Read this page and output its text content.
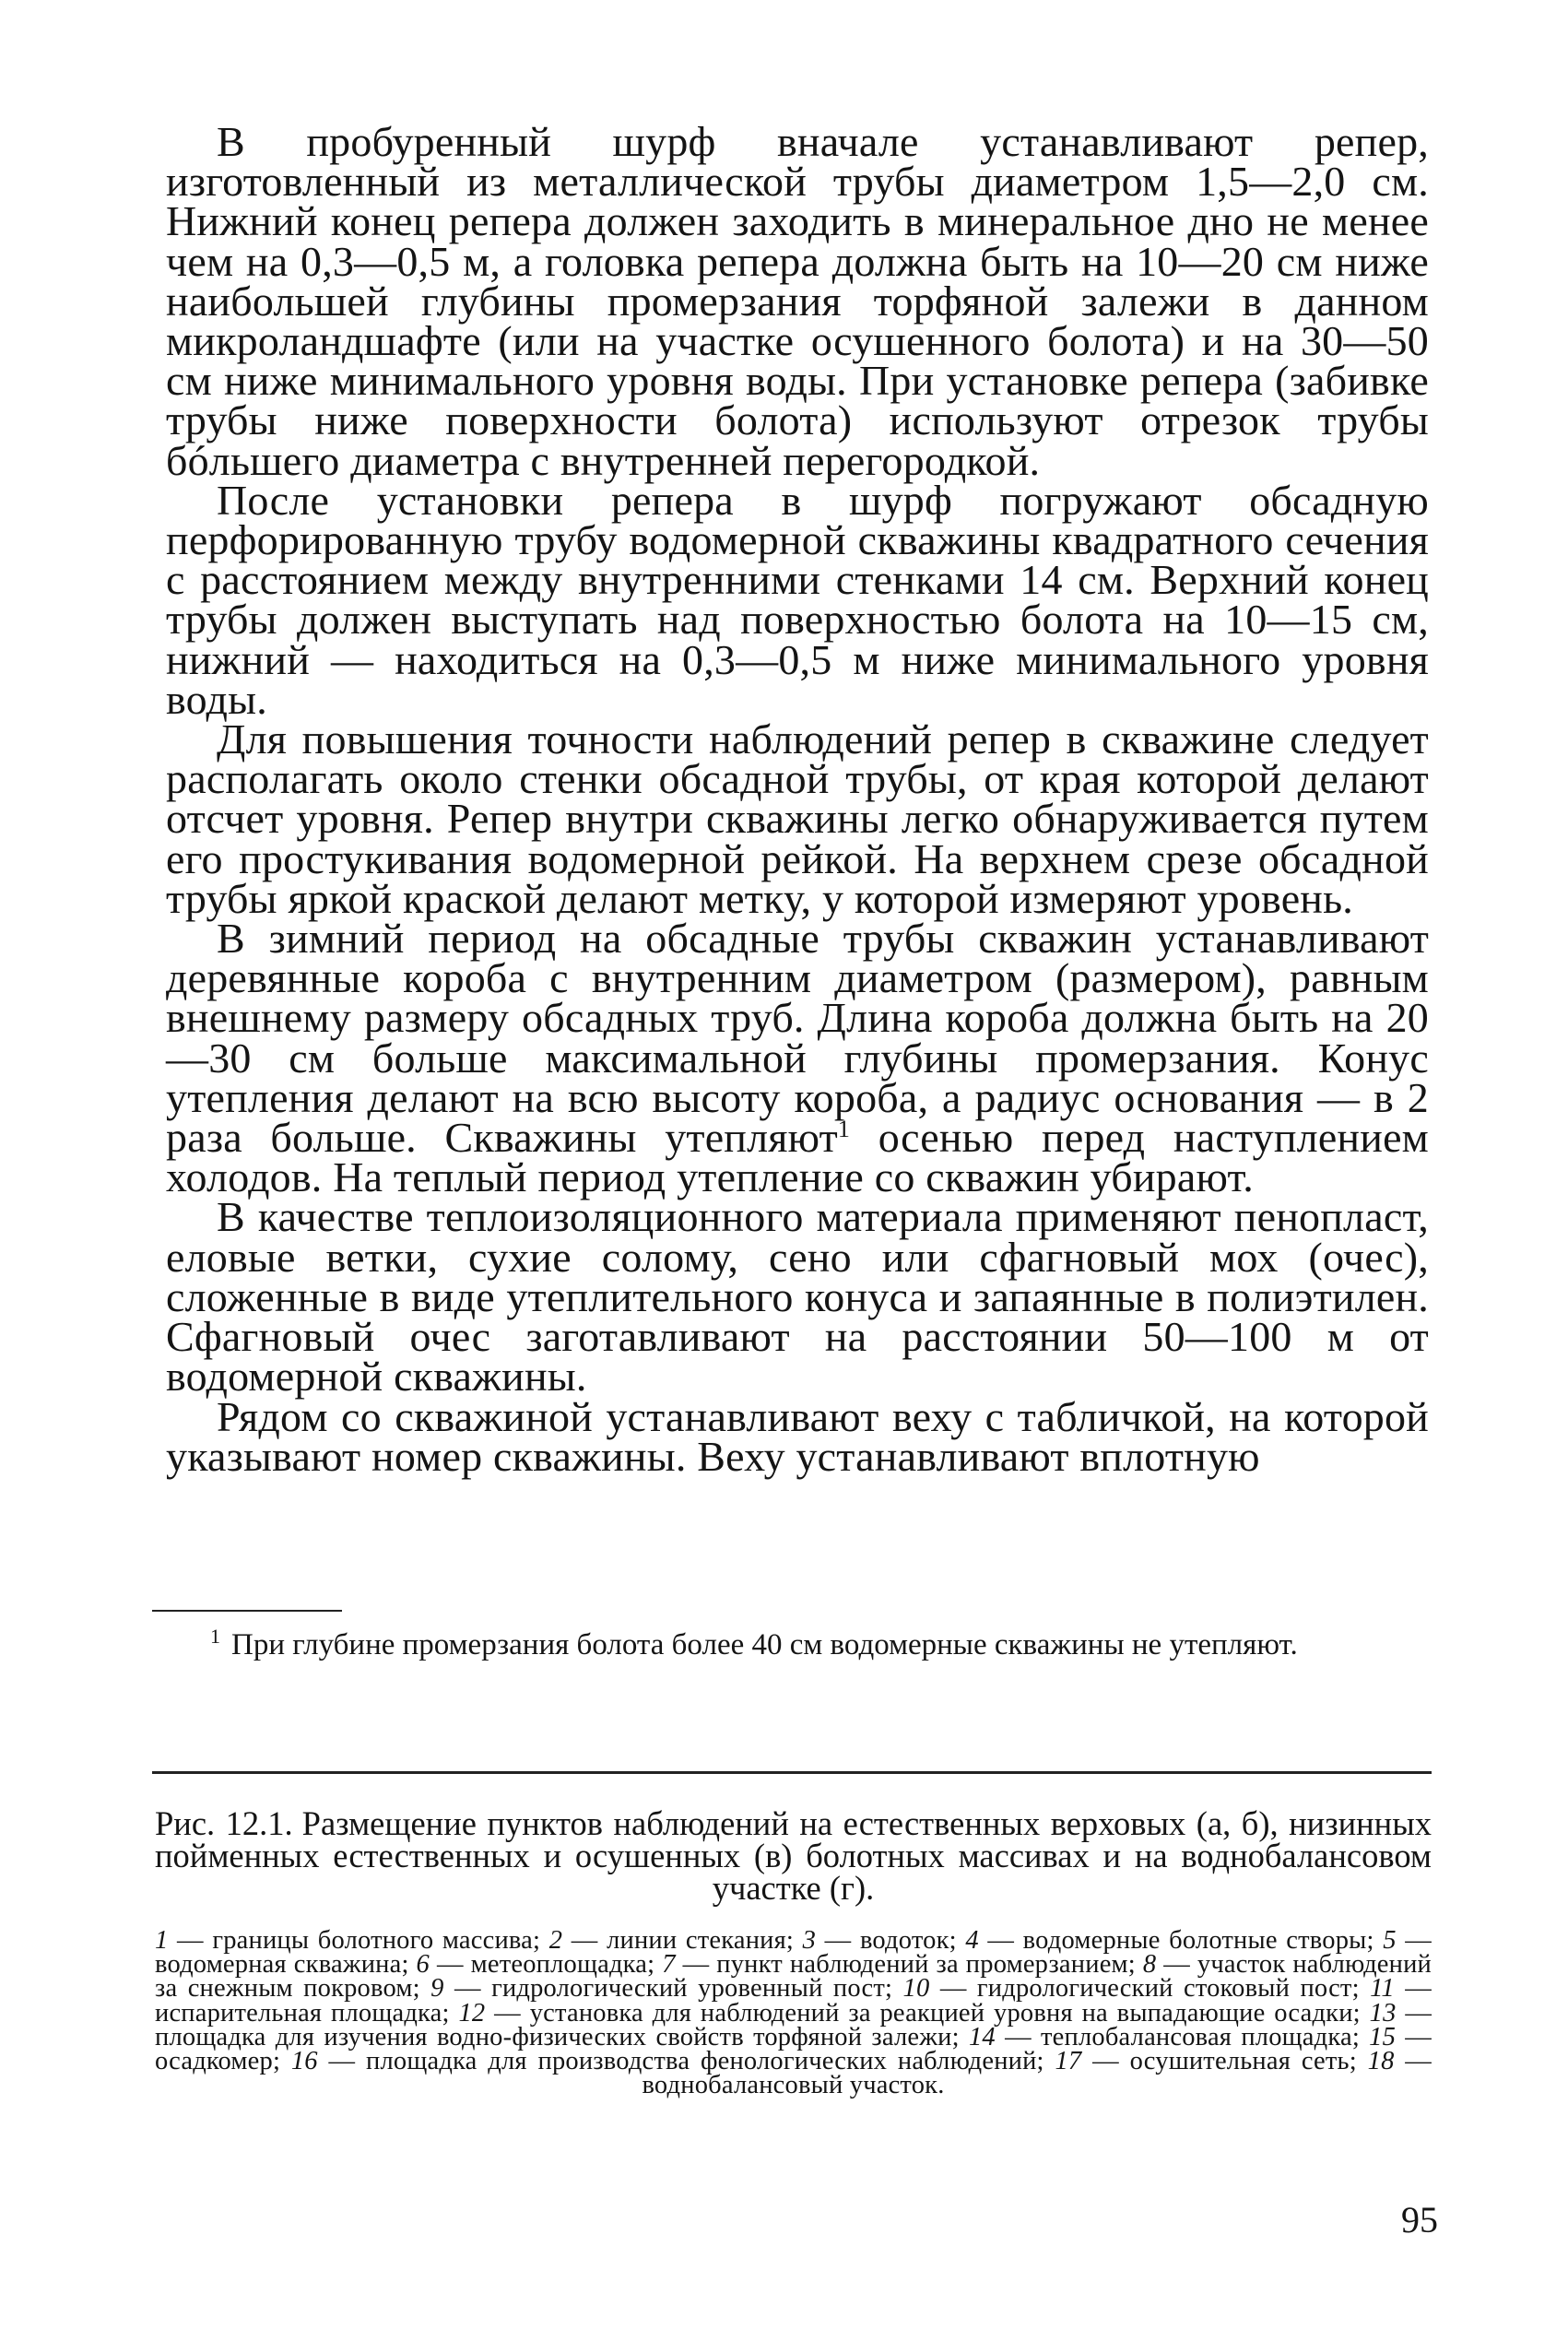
В пробуренный шурф вначале устанавливают репер, изготовленный из металлической трубы диаметром 1,5—2,0 см. Нижний конец репера должен заходить в минеральное дно не менее чем на 0,3—0,5 м, а головка репера должна быть на 10—20 см ниже наибольшей глубины промерзания торфяной залежи в данном микроландшафте (или на участке осушенного болота) и на 30—50 см ниже минимального уровня воды. При установке репера (забивке трубы ниже поверхности болота) используют отрезок трубы бóльшего диаметра с внутренней перегородкой.

После установки репера в шурф погружают обсадную перфорированную трубу водомерной скважины квадратного сечения с расстоянием между внутренними стенками 14 см. Верхний конец трубы должен выступать над поверхностью болота на 10—15 см, нижний — находиться на 0,3—0,5 м ниже минимального уровня воды.

Для повышения точности наблюдений репер в скважине следует располагать около стенки обсадной трубы, от края которой делают отсчет уровня. Репер внутри скважины легко обнаруживается путем его простукивания водомерной рейкой. На верхнем срезе обсадной трубы яркой краской делают метку, у которой измеряют уровень.

В зимний период на обсадные трубы скважин устанавливают деревянные короба с внутренним диаметром (размером), равным внешнему размеру обсадных труб. Длина короба должна быть на 20—30 см больше максимальной глубины промерзания. Конус утепления делают на всю высоту короба, а радиус основания — в 2 раза больше. Скважины утепляют$^1$ осенью перед наступлением холодов. На теплый период утепление со скважин убирают.

В качестве теплоизоляционного материала применяют пенопласт, еловые ветки, сухие солому, сено или сфагновый мох (очес), сложенные в виде утеплительного конуса и запаянные в полиэтилен. Сфагновый очес заготавливают на расстоянии 50—100 м от водомерной скважины.

Рядом со скважиной устанавливают веху с табличкой, на которой указывают номер скважины. Веху устанавливают вплотную

$^1$ При глубине промерзания болота более 40 см водомерные скважины не утепляют.
Рис. 12.1. Размещение пунктов наблюдений на естественных верховых (а, б), низинных пойменных естественных и осушенных (в) болотных массивах и на воднобалансовом участке (г).
1 — границы болотного массива; 2 — линии стекания; 3 — водоток; 4 — водомерные болотные створы; 5 — водомерная скважина; 6 — метеоплощадка; 7 — пункт наблюдений за промерзанием; 8 — участок наблюдений за снежным покровом; 9 — гидрологический уровенный пост; 10 — гидрологический стоковый пост; 11 — испарительная площадка; 12 — установка для наблюдений за реакцией уровня на выпадающие осадки; 13 — площадка для изучения водно-физических свойств торфяной залежи; 14 — теплобалансовая площадка; 15 — осадкомер; 16 — площадка для производства фенологических наблюдений; 17 — осушительная сеть; 18 — воднобалансовый участок.
95
